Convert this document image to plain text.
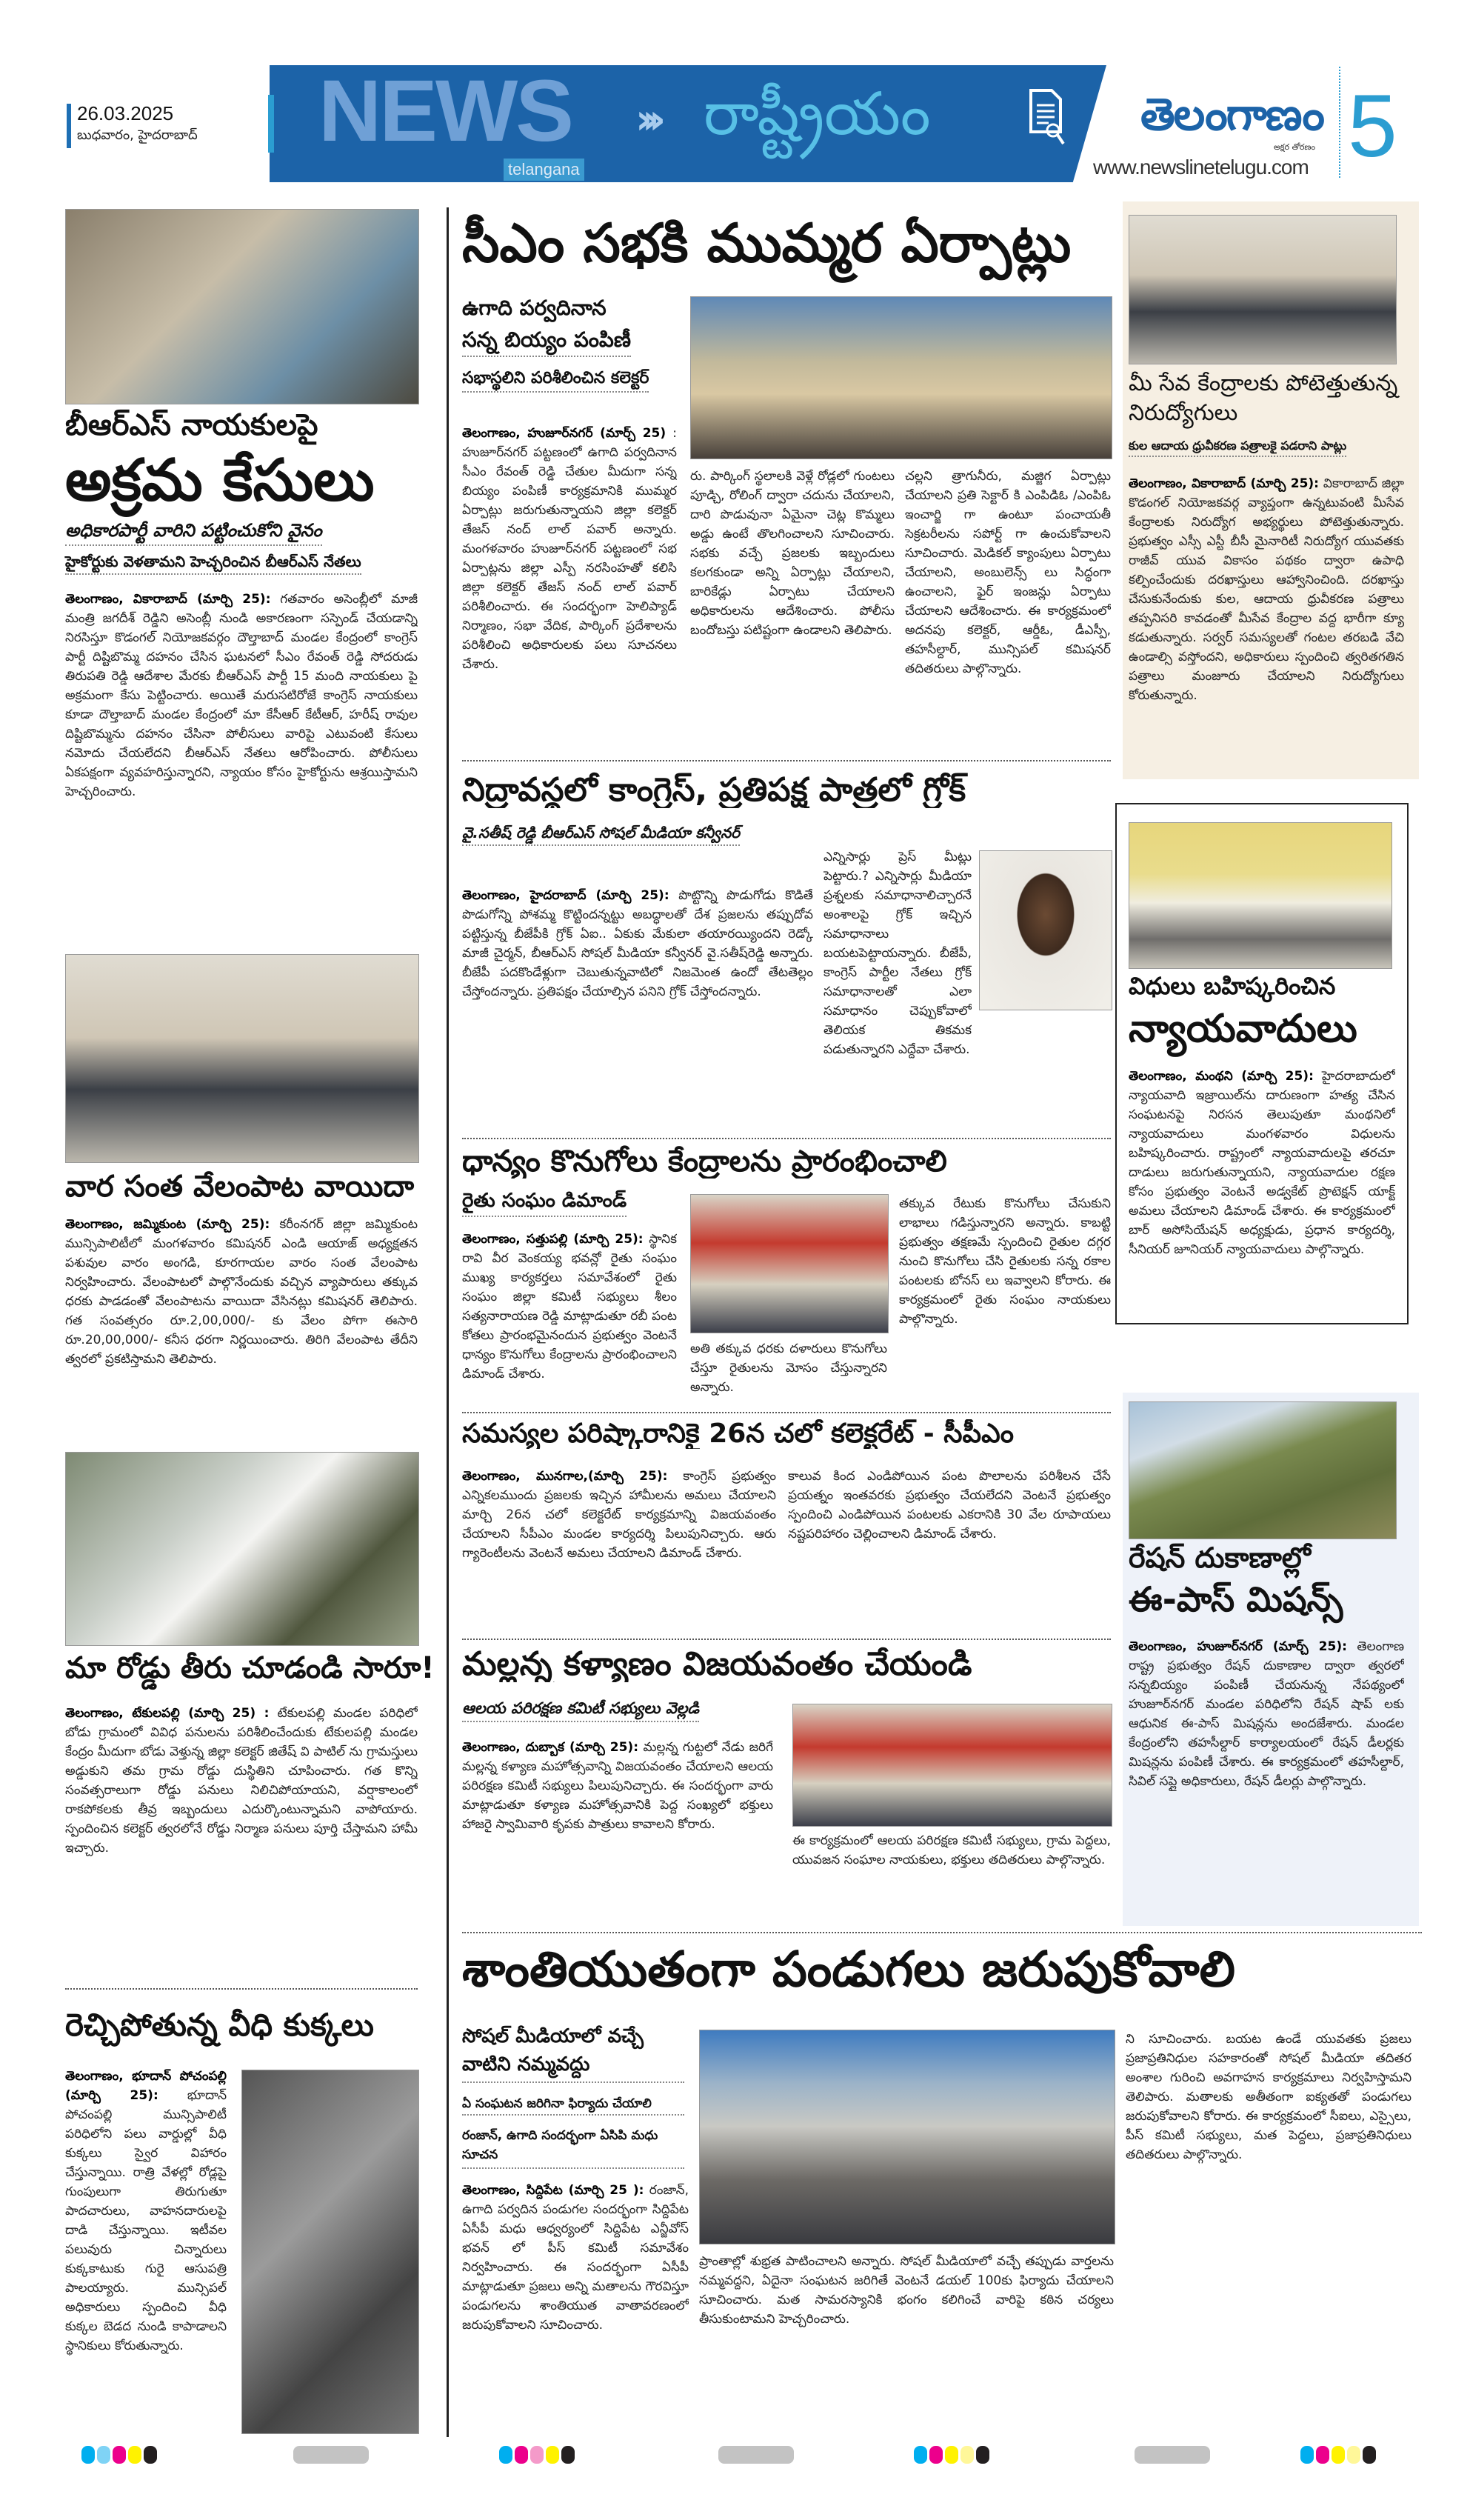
26.03.2025
బుధవారం, హైదరాబాద్ NEWS
telangana
››› రాష్ట్రీయం	తెలంగాణం
అక్షర తోరణం
www.newslinetelugu.com 5
బీఆర్ఎస్ నాయకులపై
అక్రమ కేసులు
అధికారపార్టీ వారిని పట్టించుకోని వైనం
హైకోర్టుకు వెళతామని హెచ్చరించిన బీఆర్ఎస్ నేతలు
తెలంగాణం, వికారాబాద్ (మార్చి 25): గతవారం అసెంబ్లీలో మాజీ మంత్రి జగదీశ్ రెడ్డిని అసెంబ్లీ నుండి అకారణంగా సస్పెండ్ చేయడాన్ని నిరసిస్తూ కొడంగల్ నియోజకవర్గం దౌల్తాబాద్ మండల కేంద్రంలో కాంగ్రెస్ పార్టీ దిష్టిబొమ్మ దహనం చేసిన ఘటనలో సీఎం రేవంత్ రెడ్డి సోదరుడు తిరుపతి రెడ్డి ఆదేశాల మేరకు బీఆర్ఎస్ పార్టీ 15 మంది నాయకులు పై అక్రమంగా కేసు పెట్టించారు. అయితే మరుసటిరోజే కాంగ్రెస్ నాయకులు కూడా దౌల్తాబాద్ మండల కేంద్రంలో మా కేసీఆర్ కేటీఆర్, హరీష్ రావుల దిష్టిబొమ్మను దహనం చేసినా పోలీసులు వారిపై ఎటువంటి కేసులు నమోదు చేయలేదని బీఆర్ఎస్ నేతలు ఆరోపించారు. పోలీసులు ఏకపక్షంగా వ్యవహరిస్తున్నారని, న్యాయం కోసం హైకోర్టును ఆశ్రయిస్తామని హెచ్చరించారు.
వార సంత వేలంపాట వాయిదా
తెలంగాణం, జమ్మికుంట (మార్చి 25): కరీంనగర్ జిల్లా జమ్మికుంట మున్సిపాలిటీలో మంగళవారం కమిషనర్ ఎండి ఆయాజ్ అధ్యక్షతన పశువుల వారం అంగడి, కూరగాయల వారం సంత వేలంపాట నిర్వహించారు. వేలంపాటలో పాల్గొనేందుకు వచ్చిన వ్యాపారులు తక్కువ ధరకు పాడడంతో వేలంపాటను వాయిదా వేసినట్లు కమిషనర్ తెలిపారు. గత సంవత్సరం రూ.2,00,000/- కు వేలం పోగా ఈసారి రూ.20,00,000/- కనీస ధరగా నిర్ణయించారు. తిరిగి వేలంపాట తేదీని త్వరలో ప్రకటిస్తామని తెలిపారు.
మా రోడ్డు తీరు చూడండి సారూ!
తెలంగాణం, టేకులపల్లి (మార్చి 25) : టేకులపల్లి మండల పరిధిలో బోడు గ్రామంలో వివిధ పనులను పరిశీలించేందుకు టేకులపల్లి మండల కేంద్రం మీదుగా బోడు వెళ్తున్న జిల్లా కలెక్టర్ జితేష్ వి పాటిల్ ను గ్రామస్తులు అడ్డుకుని తమ గ్రామ రోడ్డు దుస్థితిని చూపించారు. గత కొన్ని సంవత్సరాలుగా రోడ్డు పనులు నిలిచిపోయాయని, వర్షాకాలంలో రాకపోకలకు తీవ్ర ఇబ్బందులు ఎదుర్కొంటున్నామని వాపోయారు. స్పందించిన కలెక్టర్ త్వరలోనే రోడ్డు నిర్మాణ పనులు పూర్తి చేస్తామని హామీ ఇచ్చారు.
రెచ్చిపోతున్న వీధి కుక్కలు
తెలంగాణం, భూదాన్ పోచంపల్లి (మార్చి 25): భూదాన్ పోచంపల్లి మున్సిపాలిటీ పరిధిలోని పలు వార్డుల్లో వీధి కుక్కలు స్వైర విహారం చేస్తున్నాయి. రాత్రి వేళల్లో రోడ్లపై గుంపులుగా తిరుగుతూ పాదచారులు, వాహనదారులపై దాడి చేస్తున్నాయి. ఇటీవల పలువురు చిన్నారులు కుక్కకాటుకు గురై ఆసుపత్రి పాలయ్యారు. మున్సిపల్ అధికారులు స్పందించి వీధి కుక్కల బెడద నుండి కాపాడాలని స్థానికులు కోరుతున్నారు.
సీఎం సభకి ముమ్మర ఏర్పాట్లు
ఉగాది పర్వదినాన
సన్న బియ్యం పంపిణీ
సభాస్థలిని పరిశీలించిన కలెక్టర్
తెలంగాణం, హుజూర్‌నగర్ (మార్చ్ 25) : హుజూర్‌నగర్ పట్టణంలో ఉగాది పర్వదినాన సీఎం రేవంత్ రెడ్డి చేతుల మీదుగా సన్న బియ్యం పంపిణీ కార్యక్రమానికి ముమ్మర ఏర్పాట్లు జరుగుతున్నాయని జిల్లా కలెక్టర్ తేజస్ నంద్ లాల్ పవార్ అన్నారు. మంగళవారం హుజూర్‌నగర్ పట్టణంలో సభ ఏర్పాట్లను జిల్లా ఎస్పీ నరసింహతో కలిసి జిల్లా కలెక్టర్ తేజస్ నంద్ లాల్ పవార్ పరిశీలించారు. ఈ సందర్భంగా హెలిప్యాడ్ నిర్మాణం, సభా వేదిక, పార్కింగ్ ప్రదేశాలను పరిశీలించి అధికారులకు పలు సూచనలు చేశారు.
రు. పార్కింగ్ స్థలాలకి వెళ్లే రోడ్లలో గుంటలు పూడ్చి, రోలింగ్ ద్వారా చదును చేయాలని, దారి పొడువునా ఏమైనా చెట్ల కొమ్మలు అడ్డు ఉంటే తొలగించాలని సూచించారు. సభకు వచ్చే ప్రజలకు ఇబ్బందులు కలగకుండా అన్ని ఏర్పాట్లు చేయాలని, బారికేడ్లు ఏర్పాటు చేయాలని అధికారులను ఆదేశించారు. పోలీసు బందోబస్తు పటిష్టంగా ఉండాలని తెలిపారు.
చల్లని త్రాగునీరు, మజ్జిగ ఏర్పాట్లు చేయాలని ప్రతి సెక్టార్ కి ఎంపిడిఓ /ఎంపిఓ ఇంచార్జి గా ఉంటూ పంచాయతీ సెక్రటరీలను సపోర్ట్ గా ఉంచుకోవాలని సూచించారు. మెడికల్ క్యాంపులు ఏర్పాటు చేయాలని, అంబులెన్స్ లు సిద్ధంగా ఉంచాలని, ఫైర్ ఇంజన్లు ఏర్పాటు చేయాలని ఆదేశించారు. ఈ కార్యక్రమంలో అదనపు కలెక్టర్, ఆర్డీఓ, డీఎస్పీ, తహసీల్దార్, మున్సిపల్ కమిషనర్ తదితరులు పాల్గొన్నారు.
నిద్రావస్థలో కాంగ్రెస్, ప్రతిపక్ష పాత్రలో గ్రోక్
వై.సతీష్ రెడ్డి బీఆర్ఎస్ సోషల్ మీడియా కన్వీనర్
తెలంగాణం, హైదరాబాద్ (మార్చి 25): పొట్టొన్ని పొడుగోడు కొడితే పొడుగోన్ని పోశమ్మ కొట్టిందన్నట్టు అబద్ధాలతో దేశ ప్రజలను తప్పుదోవ పట్టిస్తున్న బీజేపీకి గ్రోక్ ఏఐ.. ఏకుకు మేకులా తయారయ్యిందని రెడ్కో మాజీ చైర్మన్, బీఆర్ఎస్ సోషల్ మీడియా కన్వీనర్ వై.సతీష్‌రెడ్డి అన్నారు. బీజేపీ పదకొండేళ్లుగా చెబుతున్నవాటిలో నిజమెంత ఉందో తేటతెల్లం చేస్తోందన్నారు. ప్రతిపక్షం చేయాల్సిన పనిని గ్రోక్ చేస్తోందన్నారు.
ఎన్నిసార్లు ప్రెస్ మీట్లు పెట్టారు.? ఎన్నిసార్లు మీడియా ప్రశ్నలకు సమాధానాలిచ్చారనే అంశాలపై గ్రోక్ ఇచ్చిన సమాధానాలు బయటపెట్టాయన్నారు. బీజేపీ, కాంగ్రెస్ పార్టీల నేతలు గ్రోక్ సమాధానాలతో ఎలా సమాధానం చెప్పుకోవాలో తెలియక తికమక పడుతున్నారని ఎద్దేవా చేశారు.
ధాన్యం కొనుగోలు కేంద్రాలను ప్రారంభించాలి
రైతు సంఘం డిమాండ్
తెలంగాణం, సత్తుపల్లి (మార్చి 25): స్థానిక రావి వీర వెంకయ్య భవన్లో రైతు సంఘం ముఖ్య కార్యకర్తలు సమావేశంలో రైతు సంఘం జిల్లా కమిటీ సభ్యులు శీలం సత్యనారాయణ రెడ్డి మాట్లాడుతూ రబీ పంట కోతలు ప్రారంభమైనందున ప్రభుత్వం వెంటనే ధాన్యం కొనుగోలు కేంద్రాలను ప్రారంభించాలని డిమాండ్ చేశారు.
అతి తక్కువ ధరకు దళారులు కొనుగోలు చేస్తూ రైతులను మోసం చేస్తున్నారని అన్నారు.
తక్కువ రేటుకు కొనుగోలు చేసుకుని లాభాలు గడిస్తున్నారని అన్నారు. కాబట్టి ప్రభుత్వం తక్షణమే స్పందించి రైతుల దగ్గర నుంచి కొనుగోలు చేసి రైతులకు సన్న రకాల పంటలకు బోనస్ లు ఇవ్వాలని కోరారు. ఈ కార్యక్రమంలో రైతు సంఘం నాయకులు పాల్గొన్నారు.
సమస్యల పరిష్కారానికై 26న చలో కలెక్టరేట్ - సీపీఎం
తెలంగాణం, మునగాల,(మార్చి 25): కాంగ్రెస్ ప్రభుత్వం ఎన్నికలముందు ప్రజలకు ఇచ్చిన హామీలను అమలు చేయాలని మార్చి 26న చలో కలెక్టరేట్ కార్యక్రమాన్ని విజయవంతం చేయాలని సీపీఎం మండల కార్యదర్శి పిలుపునిచ్చారు. ఆరు గ్యారెంటీలను వెంటనే అమలు చేయాలని డిమాండ్ చేశారు.
కాలువ కింద ఎండిపోయిన పంట పొలాలను పరిశీలన చేసే ప్రయత్నం ఇంతవరకు ప్రభుత్వం చేయలేదని వెంటనే ప్రభుత్వం స్పందించి ఎండిపోయిన పంటలకు ఎకరానికి 30 వేల రూపాయలు నష్టపరిహారం చెల్లించాలని డిమాండ్ చేశారు.
మల్లన్న కళ్యాణం విజయవంతం చేయండి
ఆలయ పరిరక్షణ కమిటీ సభ్యులు వెల్లడి
తెలంగాణం, దుబ్బాక (మార్చి 25): మల్లన్న గుట్టలో నేడు జరిగే మల్లన్న కళ్యాణ మహోత్సవాన్ని విజయవంతం చేయాలని ఆలయ పరిరక్షణ కమిటీ సభ్యులు పిలుపునిచ్చారు. ఈ సందర్భంగా వారు మాట్లాడుతూ కళ్యాణ మహోత్సవానికి పెద్ద సంఖ్యలో భక్తులు హాజరై స్వామివారి కృపకు పాత్రులు కావాలని కోరారు.
ఈ కార్యక్రమంలో ఆలయ పరిరక్షణ కమిటీ సభ్యులు, గ్రామ పెద్దలు, యువజన సంఘాల నాయకులు, భక్తులు తదితరులు పాల్గొన్నారు.
మీ సేవ కేంద్రాలకు పోటెత్తుతున్న నిరుద్యోగులు
కుల ఆదాయ ధ్రువీకరణ పత్రాలకై పడరాని పాట్లు
తెలంగాణం, వికారాబాద్ (మార్చి 25): వికారాబాద్ జిల్లా కొడంగల్ నియోజకవర్గ వ్యాప్తంగా ఉన్నటువంటి మీసేవ కేంద్రాలకు నిరుద్యోగ అభ్యర్థులు పోటెత్తుతున్నారు. ప్రభుత్వం ఎస్సీ ఎస్టీ బీసీ మైనారిటీ నిరుద్యోగ యువతకు రాజీవ్ యువ వికాసం పథకం ద్వారా ఉపాధి కల్పించేందుకు దరఖాస్తులు ఆహ్వానించింది. దరఖాస్తు చేసుకునేందుకు కుల, ఆదాయ ధ్రువీకరణ పత్రాలు తప్పనిసరి కావడంతో మీసేవ కేంద్రాల వద్ద భారీగా క్యూ కడుతున్నారు. సర్వర్ సమస్యలతో గంటల తరబడి వేచి ఉండాల్సి వస్తోందని, అధికారులు స్పందించి త్వరితగతిన పత్రాలు మంజూరు చేయాలని నిరుద్యోగులు కోరుతున్నారు.
విధులు బహిష్కరించిన
న్యాయవాదులు
తెలంగాణం, మంథని (మార్చి 25): హైదరాబాదులో న్యాయవాది ఇజ్రాయిల్‌ను దారుణంగా హత్య చేసిన సంఘటనపై నిరసన తెలుపుతూ మంథనిలో న్యాయవాదులు మంగళవారం విధులను బహిష్కరించారు. రాష్ట్రంలో న్యాయవాదులపై తరచూ దాడులు జరుగుతున్నాయని, న్యాయవాదుల రక్షణ కోసం ప్రభుత్వం వెంటనే అడ్వకేట్ ప్రొటెక్షన్ యాక్ట్ అమలు చేయాలని డిమాండ్ చేశారు. ఈ కార్యక్రమంలో బార్ అసోసియేషన్ అధ్యక్షుడు, ప్రధాన కార్యదర్శి, సీనియర్ జూనియర్ న్యాయవాదులు పాల్గొన్నారు.
రేషన్ దుకాణాల్లో
ఈ-పాస్ మిషన్స్
తెలంగాణం, హుజూర్‌నగర్ (మార్చ్ 25): తెలంగాణ రాష్ట్ర ప్రభుత్వం రేషన్ దుకాణాల ద్వారా త్వరలో సన్నబియ్యం పంపిణీ చేయనున్న నేపథ్యంలో హుజూర్‌నగర్ మండల పరిధిలోని రేషన్ షాప్ లకు ఆధునిక ఈ-పాస్ మిషన్లను అందజేశారు. మండల కేంద్రంలోని తహసీల్దార్ కార్యాలయంలో రేషన్ డీలర్లకు మిషన్లను పంపిణీ చేశారు. ఈ కార్యక్రమంలో తహసీల్దార్, సివిల్ సప్లై అధికారులు, రేషన్ డీలర్లు పాల్గొన్నారు.
శాంతియుతంగా పండుగలు జరుపుకోవాలి
సోషల్ మీడియాలో వచ్చే వాటిని నమ్మవద్దు
ఏ సంఘటన జరిగినా ఫిర్యాదు చేయాలి
రంజాన్, ఉగాది సందర్భంగా ఏసిపి మధు సూచన
తెలంగాణం, సిద్దిపేట (మార్చి 25 ): రంజాన్, ఉగాది పర్వదిన పండుగల సందర్భంగా సిద్దిపేట ఏసీపీ మధు ఆధ్వర్యంలో సిద్దిపేట ఎన్జీవోస్ భవన్ లో పీస్ కమిటీ సమావేశం నిర్వహించారు. ఈ సందర్భంగా ఏసీపీ మాట్లాడుతూ ప్రజలు అన్ని మతాలను గౌరవిస్తూ పండుగలను శాంతియుత వాతావరణంలో జరుపుకోవాలని సూచించారు.
ప్రాంతాల్లో శుభ్రత పాటించాలని అన్నారు. సోషల్ మీడియాలో వచ్చే తప్పుడు వార్తలను నమ్మవద్దని, ఏదైనా సంఘటన జరిగితే వెంటనే డయల్ 100కు ఫిర్యాదు చేయాలని సూచించారు. మత సామరస్యానికి భంగం కలిగించే వారిపై కఠిన చర్యలు తీసుకుంటామని హెచ్చరించారు.
ని సూచించారు. బయట ఉండే యువతకు ప్రజలు ప్రజాప్రతినిధుల సహకారంతో సోషల్ మీడియా తదితర అంశాల గురించి అవగాహన కార్యక్రమాలు నిర్వహిస్తామని తెలిపారు. మతాలకు అతీతంగా ఐక్యతతో పండుగలు జరుపుకోవాలని కోరారు. ఈ కార్యక్రమంలో సీఐలు, ఎస్సైలు, పీస్ కమిటీ సభ్యులు, మత పెద్దలు, ప్రజాప్రతినిధులు తదితరులు పాల్గొన్నారు.
